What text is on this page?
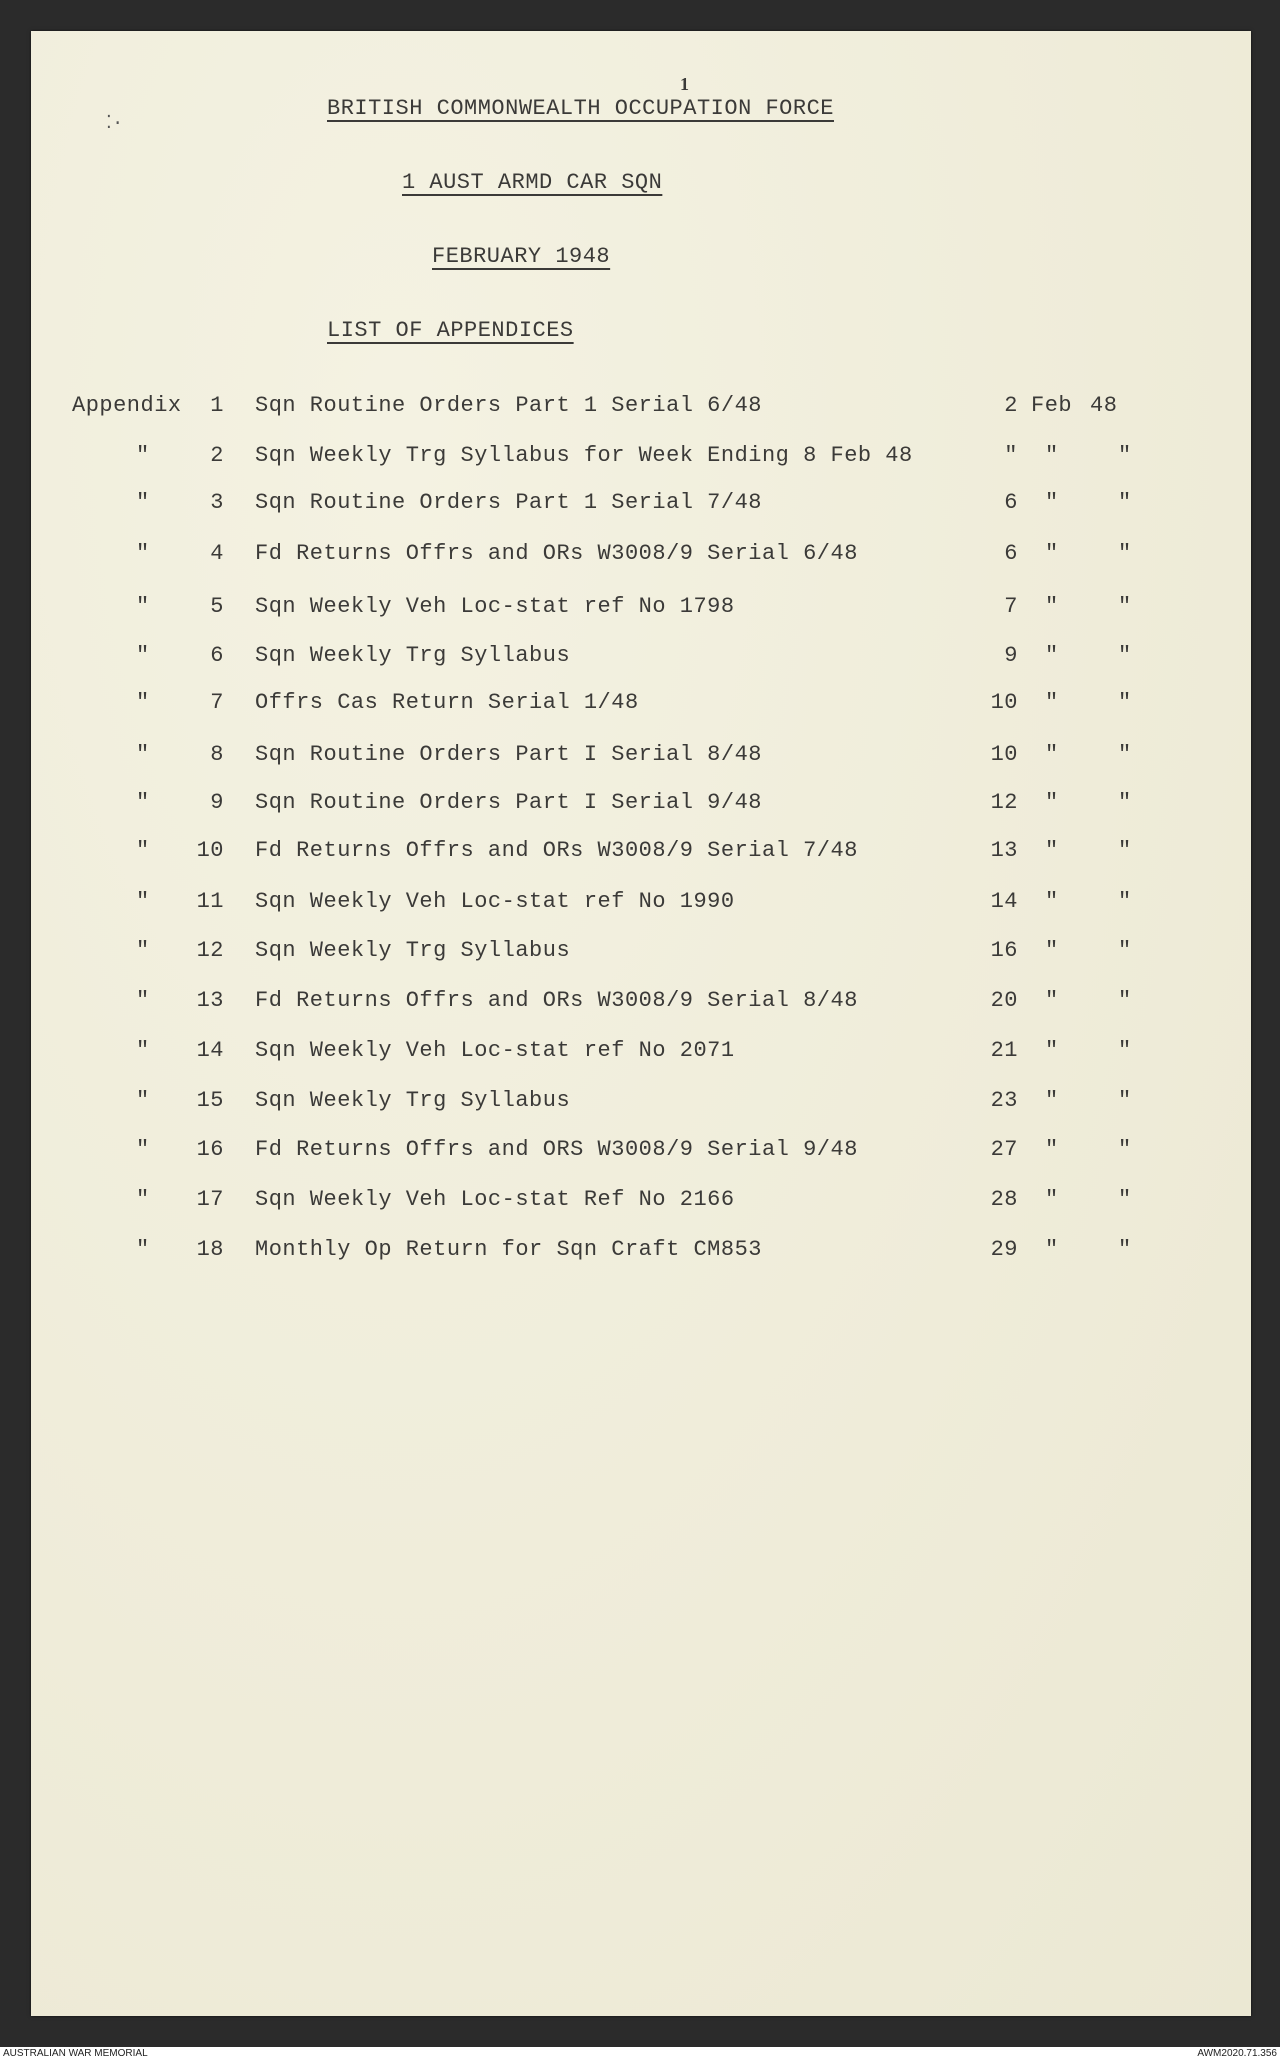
1
⁚·
BRITISH COMMONWEALTH OCCUPATION FORCE
1 AUST ARMD CAR SQN
FEBRUARY 1948
LIST OF APPENDICES
Appendix	1 Sqn Routine Orders Part 1 Serial 6/48	2 Feb 48
"	2 Sqn Weekly Trg Syllabus for Week Ending 8 Feb 48	" "	"
"	3 Sqn Routine Orders Part 1 Serial 7/48	6 "	"
"	4 Fd Returns Offrs and ORs W3008/9 Serial 6/48	6 "	"
"	5 Sqn Weekly Veh Loc-stat ref No 1798	7 "	"
"	6 Sqn Weekly Trg Syllabus	9 "	"
"	7 Offrs Cas Return Serial 1/48	10 "	"
"	8 Sqn Routine Orders Part I Serial 8/48	10 "	"
"	9 Sqn Routine Orders Part I Serial 9/48	12 "	"
"	10 Fd Returns Offrs and ORs W3008/9 Serial 7/48	13 "	"
"	11 Sqn Weekly Veh Loc-stat ref No 1990	14 "	"
"	12 Sqn Weekly Trg Syllabus	16 "	"
"	13 Fd Returns Offrs and ORs W3008/9 Serial 8/48	20 "	"
"	14 Sqn Weekly Veh Loc-stat ref No 2071	21 "	"
"	15 Sqn Weekly Trg Syllabus	23 "	"
"	16 Fd Returns Offrs and ORS W3008/9 Serial 9/48	27 "	"
"	17 Sqn Weekly Veh Loc-stat Ref No 2166	28 "	"
"	18 Monthly Op Return for Sqn Craft CM853	29 "	"
AUSTRALIAN WAR MEMORIAL	AWM2020.71.356
